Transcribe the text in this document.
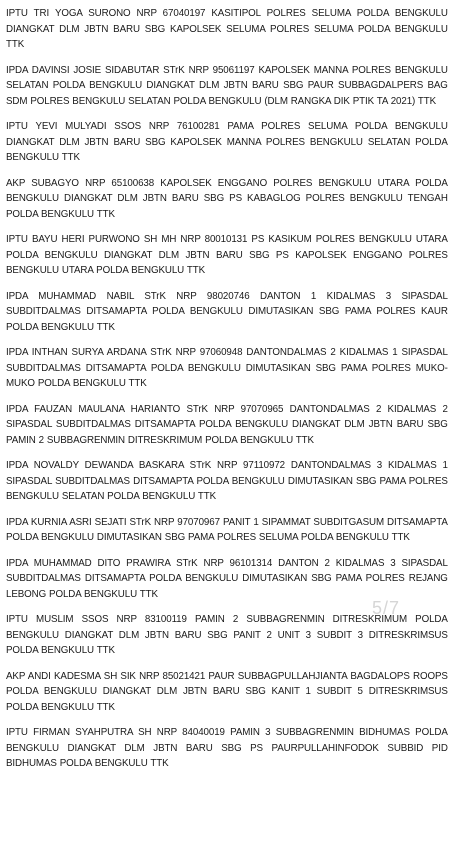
IPTU TRI YOGA SURONO NRP 67040197 KASITIPOL POLRES SELUMA POLDA BENGKULU DIANGKAT DLM JBTN BARU SBG KAPOLSEK SELUMA POLRES SELUMA POLDA BENGKULU TTK

IPDA DAVINSI JOSIE SIDABUTAR STrK NRP 95061197 KAPOLSEK MANNA POLRES BENGKULU SELATAN POLDA BENGKULU DIANGKAT DLM JBTN BARU SBG PAUR SUBBAGDALPERS BAG SDM POLRES BENGKULU SELATAN POLDA BENGKULU (DLM RANGKA DIK PTIK TA 2021) TTK

IPTU YEVI MULYADI SSOS NRP 76100281 PAMA POLRES SELUMA POLDA BENGKULU DIANGKAT DLM JBTN BARU SBG KAPOLSEK MANNA POLRES BENGKULU SELATAN POLDA BENGKULU TTK

AKP SUBAGYO NRP 65100638 KAPOLSEK ENGGANO POLRES BENGKULU UTARA POLDA BENGKULU DIANGKAT DLM JBTN BARU SBG PS KABAGLOG POLRES BENGKULU TENGAH POLDA BENGKULU TTK

IPTU BAYU HERI PURWONO SH MH NRP 80010131 PS KASIKUM POLRES BENGKULU UTARA POLDA BENGKULU DIANGKAT DLM JBTN BARU SBG PS KAPOLSEK ENGGANO POLRES BENGKULU UTARA POLDA BENGKULU TTK

IPDA MUHAMMAD NABIL STrK NRP 98020746 DANTON 1 KIDALMAS 3 SIPASDAL SUBDITDALMAS DITSAMAPTA POLDA BENGKULU DIMUTASIKAN SBG PAMA POLRES KAUR POLDA BENGKULU TTK

IPDA INTHAN SURYA ARDANA STrK NRP 97060948 DANTONDALMAS 2 KIDALMAS 1 SIPASDAL SUBDITDALMAS DITSAMAPTA POLDA BENGKULU DIMUTASIKAN SBG PAMA POLRES MUKO-MUKO POLDA BENGKULU TTK

IPDA FAUZAN MAULANA HARIANTO STrK NRP 97070965 DANTONDALMAS 2 KIDALMAS 2 SIPASDAL SUBDITDALMAS DITSAMAPTA POLDA BENGKULU DIANGKAT DLM JBTN BARU SBG PAMIN 2 SUBBAGRENMIN DITRESKRIMUM POLDA BENGKULU TTK

IPDA NOVALDY DEWANDA BASKARA STrK NRP 97110972 DANTONDALMAS 3 KIDALMAS 1 SIPASDAL SUBDITDALMAS DITSAMAPTA POLDA BENGKULU DIMUTASIKAN SBG PAMA POLRES BENGKULU SELATAN POLDA BENGKULU TTK

IPDA KURNIA ASRI SEJATI STrK NRP 97070967 PANIT 1 SIPAMMAT SUBDITGASUM DITSAMAPTA POLDA BENGKULU DIMUTASIKAN SBG PAMA POLRES SELUMA POLDA BENGKULU TTK

IPDA MUHAMMAD DITO PRAWIRA STrK NRP 96101314 DANTON 2 KIDALMAS 3 SIPASDAL SUBDITDALMAS DITSAMAPTA POLDA BENGKULU DIMUTASIKAN SBG PAMA POLRES REJANG LEBONG POLDA BENGKULU TTK

IPTU MUSLIM SSOS NRP 83100119 PAMIN 2 SUBBAGRENMIN DITRESKRIMUM POLDA BENGKULU DIANGKAT DLM JBTN BARU SBG PANIT 2 UNIT 3 SUBDIT 3 DITRESKRIMSUS POLDA BENGKULU TTK

AKP ANDI KADESMA SH SIK NRP 85021421 PAUR SUBBAGPULLAHJIANTA BAGDALOPS ROOPS POLDA BENGKULU DIANGKAT DLM JBTN BARU SBG KANIT 1 SUBDIT 5 DITRESKRIMSUS POLDA BENGKULU TTK

IPTU FIRMAN SYAHPUTRA SH NRP 84040019 PAMIN 3 SUBBAGRENMIN BIDHUMAS POLDA BENGKULU DIANGKAT DLM JBTN BARU SBG PS PAURPULLAHINFODOK SUBBID PID BIDHUMAS POLDA BENGKULU TTK

5/7
